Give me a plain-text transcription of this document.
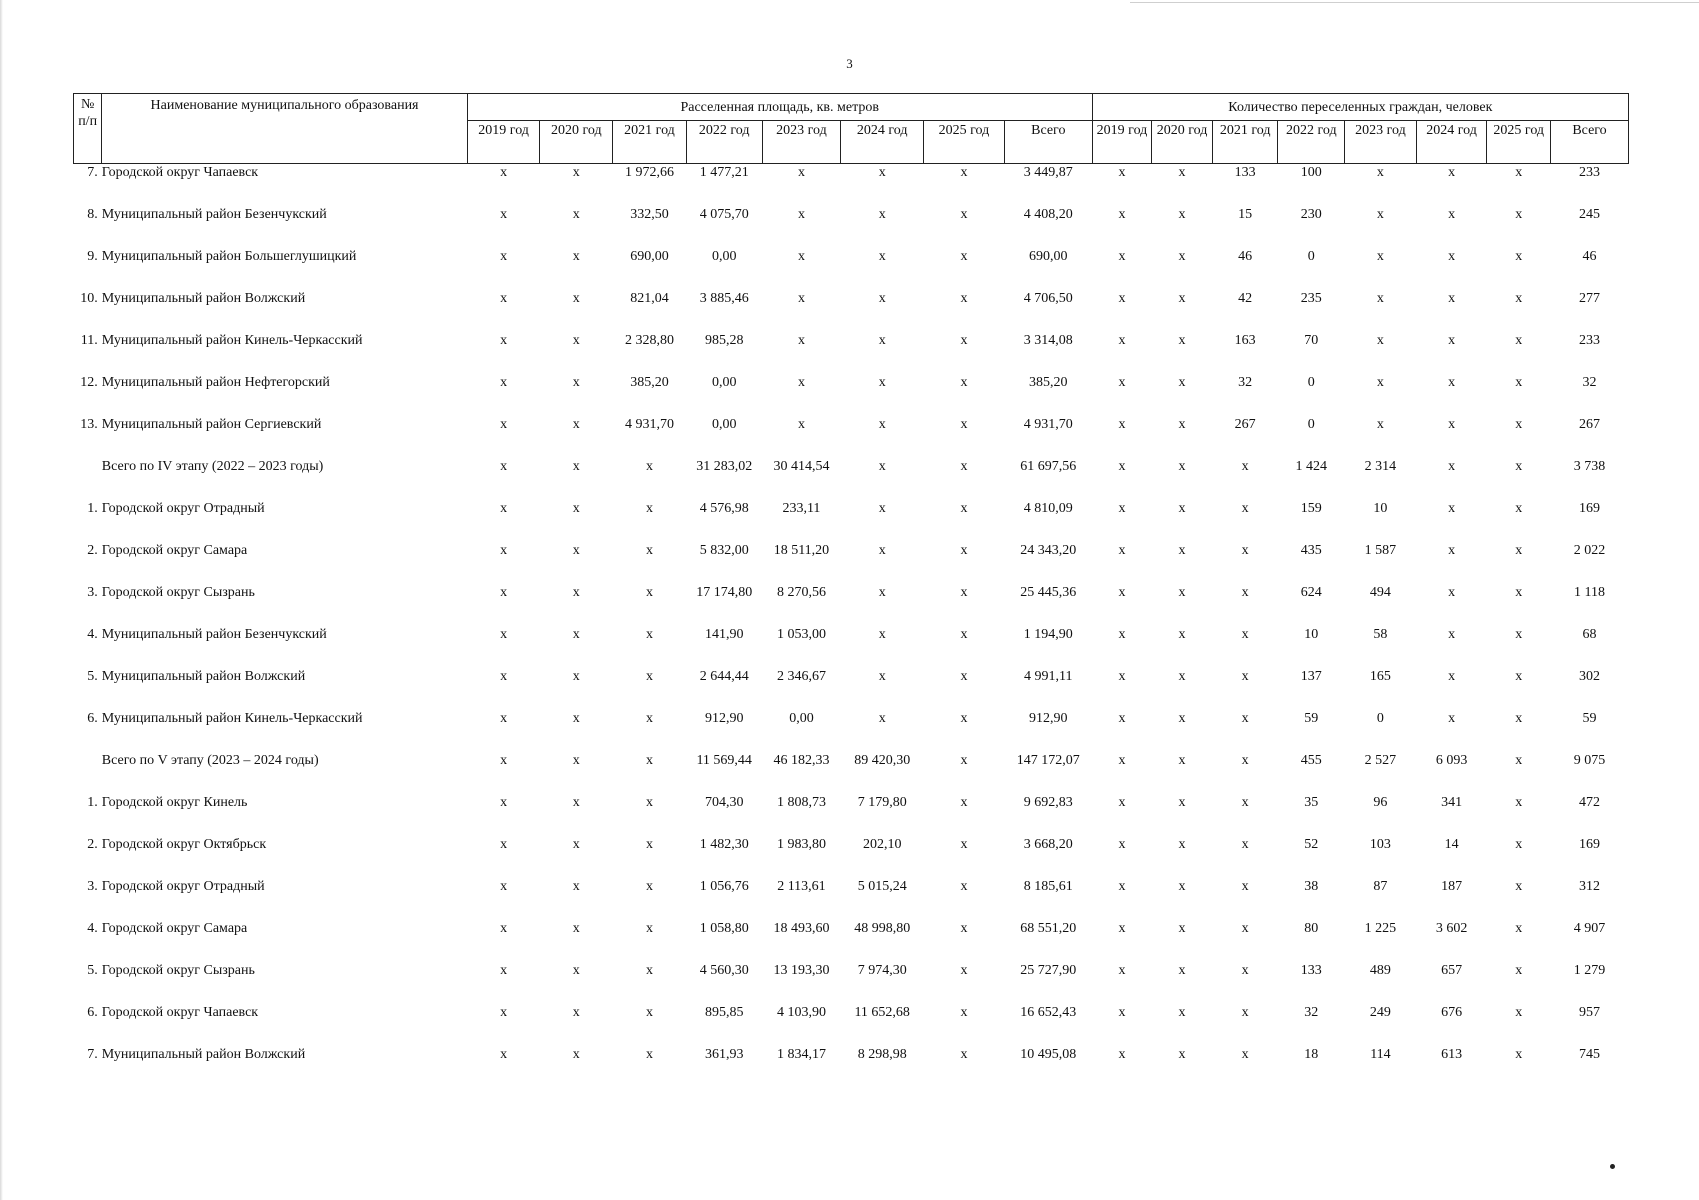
3
№ п/п	Наименование муниципального образования	Расселенная площадь, кв. метров								Количество переселенных граждан, человек							
		2019 год	2020 год	2021 год	2022 год	2023 год	2024 год	2025 год	Всего	2019 год	2020 год	2021 год	2022 год	2023 год	2024 год	2025 год	Всего
7.	Городской округ Чапаевск	x	x	1 972,66	1 477,21	x	x	x	3 449,87	x	x	133	100	x	x	x	233
8.	Муниципальный район Безенчукский	x	x	332,50	4 075,70	x	x	x	4 408,20	x	x	15	230	x	x	x	245
9.	Муниципальный район Большеглушицкий	x	x	690,00	0,00	x	x	x	690,00	x	x	46	0	x	x	x	46
10.	Муниципальный район Волжский	x	x	821,04	3 885,46	x	x	x	4 706,50	x	x	42	235	x	x	x	277
11.	Муниципальный район Кинель-Черкасский	x	x	2 328,80	985,28	x	x	x	3 314,08	x	x	163	70	x	x	x	233
12.	Муниципальный район Нефтегорский	x	x	385,20	0,00	x	x	x	385,20	x	x	32	0	x	x	x	32
13.	Муниципальный район Сергиевский	x	x	4 931,70	0,00	x	x	x	4 931,70	x	x	267	0	x	x	x	267
	Всего по IV этапу (2022 – 2023 годы)	x	x	x	31 283,02	30 414,54	x	x	61 697,56	x	x	x	1 424	2 314	x	x	3 738
1.	Городской округ Отрадный	x	x	x	4 576,98	233,11	x	x	4 810,09	x	x	x	159	10	x	x	169
2.	Городской округ Самара	x	x	x	5 832,00	18 511,20	x	x	24 343,20	x	x	x	435	1 587	x	x	2 022
3.	Городской округ Сызрань	x	x	x	17 174,80	8 270,56	x	x	25 445,36	x	x	x	624	494	x	x	1 118
4.	Муниципальный район Безенчукский	x	x	x	141,90	1 053,00	x	x	1 194,90	x	x	x	10	58	x	x	68
5.	Муниципальный район Волжский	x	x	x	2 644,44	2 346,67	x	x	4 991,11	x	x	x	137	165	x	x	302
6.	Муниципальный район Кинель-Черкасский	x	x	x	912,90	0,00	x	x	912,90	x	x	x	59	0	x	x	59
	Всего по V этапу (2023 – 2024 годы)	x	x	x	11 569,44	46 182,33	89 420,30	x	147 172,07	x	x	x	455	2 527	6 093	x	9 075
1.	Городской округ Кинель	x	x	x	704,30	1 808,73	7 179,80	x	9 692,83	x	x	x	35	96	341	x	472
2.	Городской округ Октябрьск	x	x	x	1 482,30	1 983,80	202,10	x	3 668,20	x	x	x	52	103	14	x	169
3.	Городской округ Отрадный	x	x	x	1 056,76	2 113,61	5 015,24	x	8 185,61	x	x	x	38	87	187	x	312
4.	Городской округ Самара	x	x	x	1 058,80	18 493,60	48 998,80	x	68 551,20	x	x	x	80	1 225	3 602	x	4 907
5.	Городской округ Сызрань	x	x	x	4 560,30	13 193,30	7 974,30	x	25 727,90	x	x	x	133	489	657	x	1 279
6.	Городской округ Чапаевск	x	x	x	895,85	4 103,90	11 652,68	x	16 652,43	x	x	x	32	249	676	x	957
7.	Муниципальный район Волжский	x	x	x	361,93	1 834,17	8 298,98	x	10 495,08	x	x	x	18	114	613	x	745
